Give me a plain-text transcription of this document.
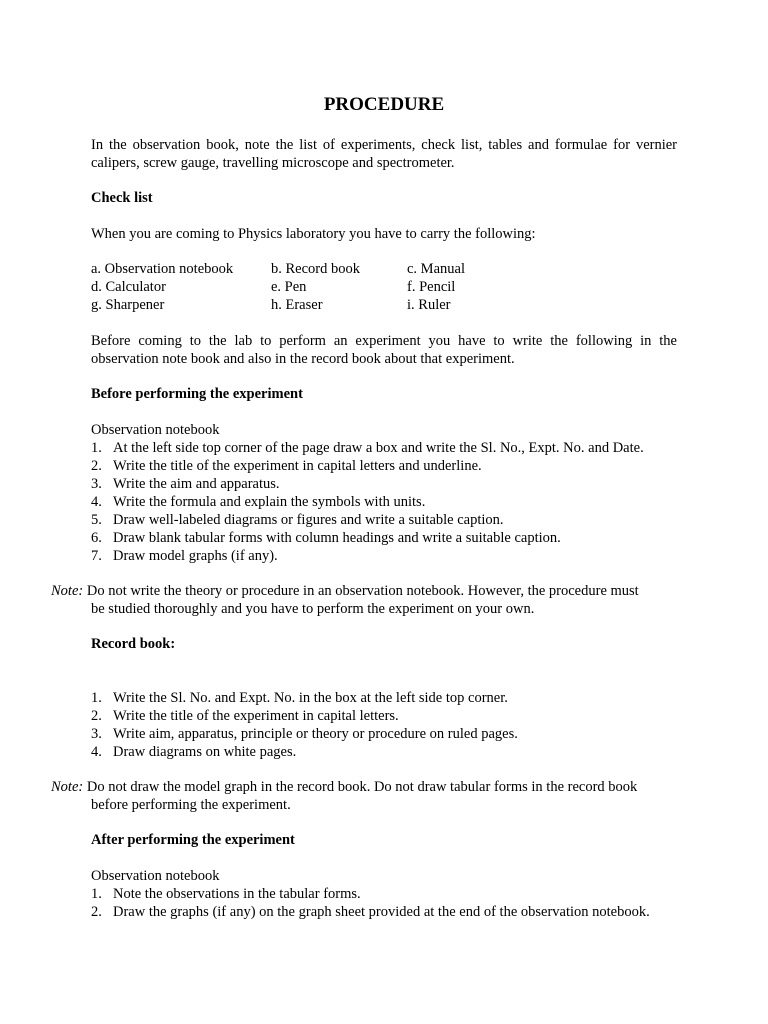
PROCEDURE
In the observation book, note the list of experiments, check list, tables and formulae for vernier calipers, screw gauge, travelling microscope and spectrometer.
Check list
When you are coming to Physics laboratory you have to carry the following:
a. Observation notebook	b. Record book	c. Manual
d. Calculator	e. Pen	f. Pencil
g. Sharpener	h. Eraser	i. Ruler
Before coming to the lab to perform an experiment you have to write the following in the observation note book and also in the record book about that experiment.
Before performing the experiment
Observation notebook
1. At the left side top corner of the page draw a box and write the Sl. No., Expt. No. and Date.
2. Write the title of the experiment in capital letters and underline.
3. Write the aim and apparatus.
4. Write the formula and explain the symbols with units.
5. Draw well-labeled diagrams or figures and write a suitable caption.
6. Draw blank tabular forms with column headings and write a suitable caption.
7. Draw model graphs (if any).
Note: Do not write the theory or procedure in an observation notebook. However, the procedure must
be studied thoroughly and you have to perform the experiment on your own.
Record book:
1. Write the Sl. No. and Expt. No. in the box at the left side top corner.
2. Write the title of the experiment in capital letters.
3. Write aim, apparatus, principle or theory or procedure on ruled pages.
4. Draw diagrams on white pages.
Note: Do not draw the model graph in the record book. Do not draw tabular forms in the record book
before performing the experiment.
After performing the experiment
Observation notebook
1. Note the observations in the tabular forms.
2. Draw the graphs (if any) on the graph sheet provided at the end of the observation notebook.
